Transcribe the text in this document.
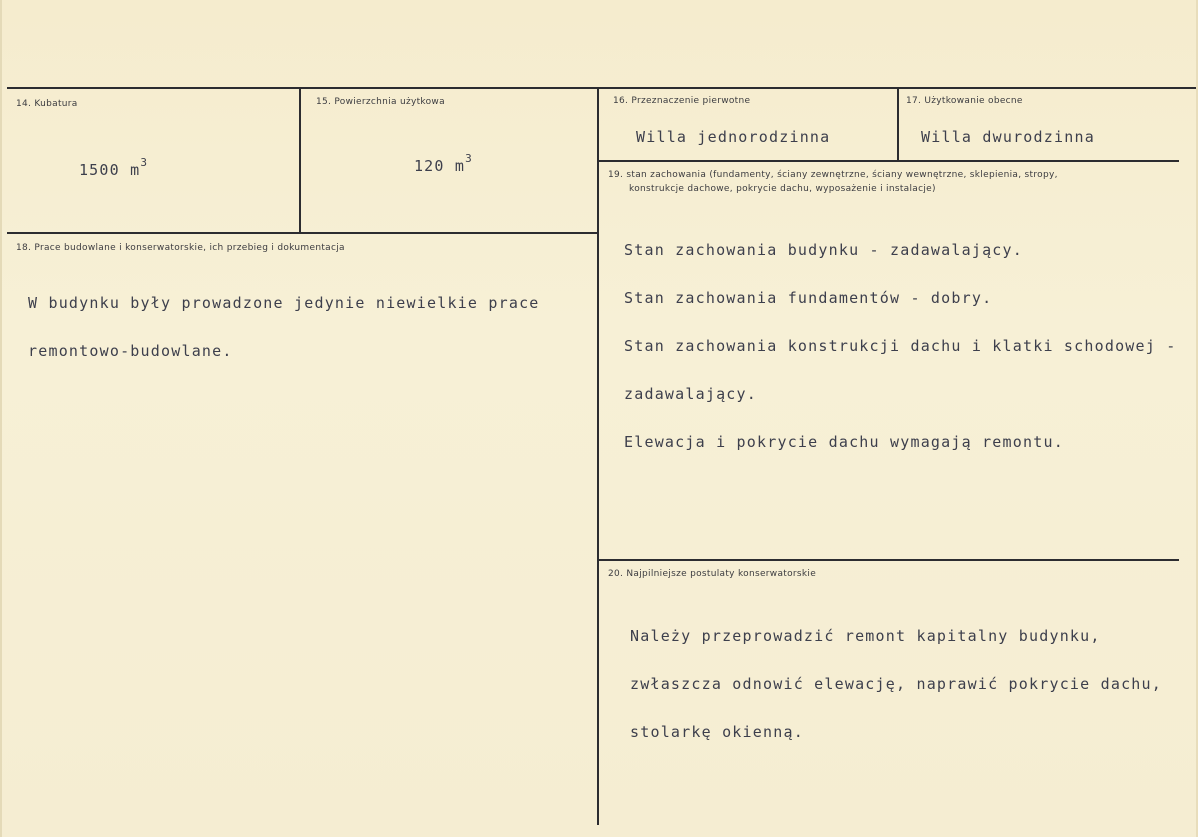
14. Kubatura

1500 $m^3$

15. Powierzchnia użytkowa

120 $m^3$

16. Przeznaczenie pierwotne
Willa jednorodzinna
17. Użytkowanie obecne
Willa dwurodzinna
18. Prace budowlane i konserwatorskie, ich przebieg i dokumentacja

W budynku były prowadzone jedynie niewielkie prace

remontowo-budowlane.

19. stan zachowania (fundamenty, ściany zewnętrzne, ściany wewnętrzne, sklepienia, stropy,
konstrukcje dachowe, pokrycie dachu, wyposażenie i instalacje)

Stan zachowania budynku - zadawalający.

Stan zachowania fundamentów - dobry.

Stan zachowania konstrukcji dachu i klatki schodowej -

zadawalający.

Elewacja i pokrycie dachu wymagają remontu.

20. Najpilniejsze postulaty konserwatorskie

Należy przeprowadzić remont kapitalny budynku,

zwłaszcza odnowić elewację, naprawić pokrycie dachu,

stolarkę okienną.
